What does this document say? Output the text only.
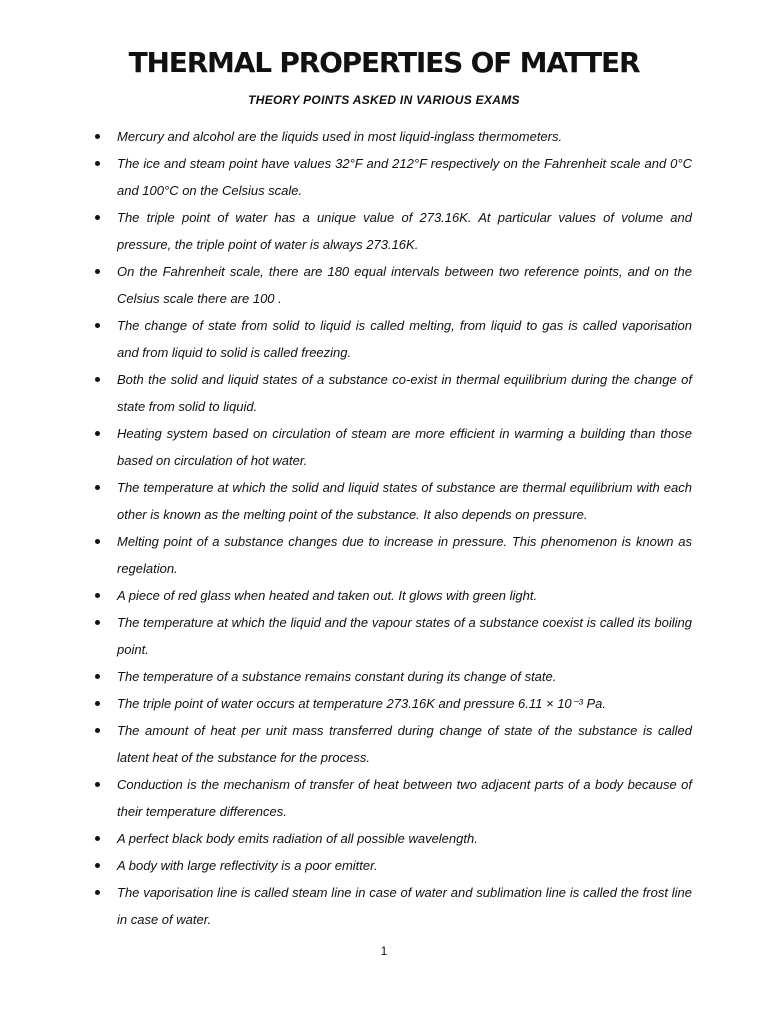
THERMAL PROPERTIES OF MATTER
THEORY POINTS ASKED IN VARIOUS EXAMS
Mercury and alcohol are the liquids used in most liquid-inglass thermometers.
The ice and steam point have values 32°F and 212°F respectively on the Fahrenheit scale and 0°C and 100°C on the Celsius scale.
The triple point of water has a unique value of 273.16K. At particular values of volume and pressure, the triple point of water is always 273.16K.
On the Fahrenheit scale, there are 180 equal intervals between two reference points, and on the Celsius scale there are 100 .
The change of state from solid to liquid is called melting, from liquid to gas is called vaporisation and from liquid to solid is called freezing.
Both the solid and liquid states of a substance co-exist in thermal equilibrium during the change of state from solid to liquid.
Heating system based on circulation of steam are more efficient in warming a building than those based on circulation of hot water.
The temperature at which the solid and liquid states of substance are thermal equilibrium with each other is known as the melting point of the substance. It also depends on pressure.
Melting point of a substance changes due to increase in pressure. This phenomenon is known as regelation.
A piece of red glass when heated and taken out. It glows with green light.
The temperature at which the liquid and the vapour states of a substance coexist is called its boiling point.
The temperature of a substance remains constant during its change of state.
The triple point of water occurs at temperature 273.16K and pressure 6.11 × 10⁻³ Pa.
The amount of heat per unit mass transferred during change of state of the substance is called latent heat of the substance for the process.
Conduction is the mechanism of transfer of heat between two adjacent parts of a body because of their temperature differences.
A perfect black body emits radiation of all possible wavelength.
A body with large reflectivity is a poor emitter.
The vaporisation line is called steam line in case of water and sublimation line is called the frost line in case of water.
1
